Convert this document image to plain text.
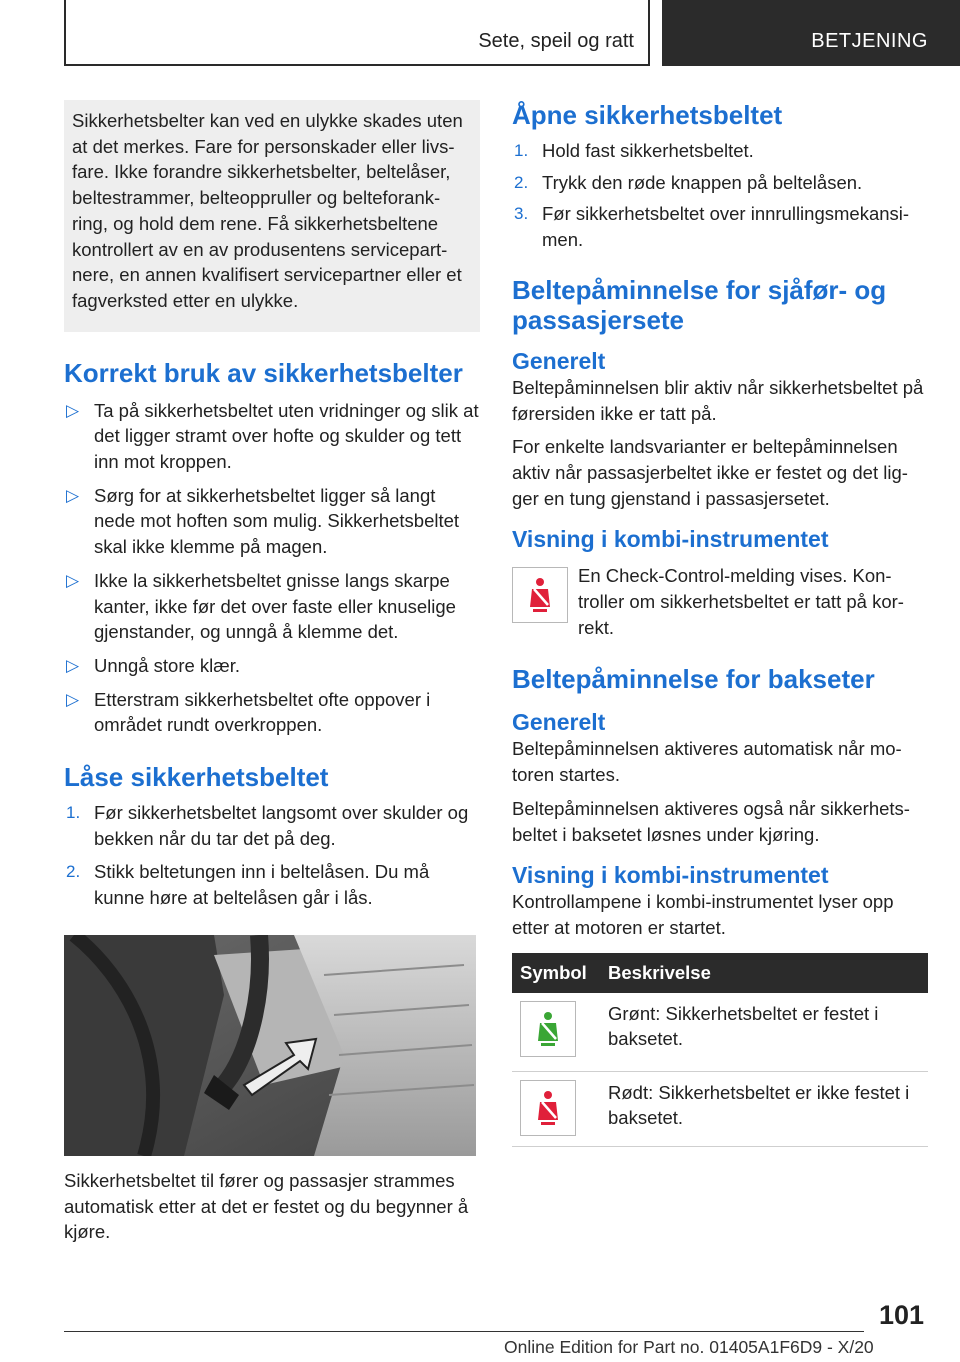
Sete, speil og ratt	BETJENING

Sikkerhetsbelter kan ved en ulykke skades uten at det merkes. Fare for personskader eller livs-fare. Ikke forandre sikkerhetsbelter, beltelåser, beltestrammer, belteoppruller og belteforank-ring, og hold dem rene. Få sikkerhetsbeltene kontrollert av en av produsentens servicepart-nere, en annen kvalifisert servicepartner eller et fagverksted etter en ulykke.

Korrekt bruk av sikkerhetsbelter
▷ Ta på sikkerhetsbeltet uten vridninger og slik at det ligger stramt over hofte og skulder og tett inn mot kroppen.
▷ Sørg for at sikkerhetsbeltet ligger så langt nede mot hoften som mulig. Sikkerhetsbeltet skal ikke klemme på magen.
▷ Ikke la sikkerhetsbeltet gnisse langs skarpe kanter, ikke før det over faste eller knuselige gjenstander, og unngå å klemme det.
▷ Unngå store klær.
▷ Etterstram sikkerhetsbeltet ofte oppover i området rundt overkroppen.
Låse sikkerhetsbeltet
1. Før sikkerhetsbeltet langsomt over skulder og bekken når du tar det på deg.
2. Stikk beltetungen inn i beltelåsen. Du må kunne høre at beltelåsen går i lås.

Sikkerhetsbeltet til fører og passasjer strammes automatisk etter at det er festet og du begynner å kjøre.

Åpne sikkerhetsbeltet
1. Hold fast sikkerhetsbeltet.
2. Trykk den røde knappen på beltelåsen.
3. Før sikkerhetsbeltet over innrullingsmekansi-men.
Beltepåminnelse for sjåfør- og passasjersete
Generelt

Beltepåminnelsen blir aktiv når sikkerhetsbeltet på førersiden ikke er tatt på.

For enkelte landsvarianter er beltepåminnelsen aktiv når passasjerbeltet ikke er festet og det lig-ger en tung gjenstand i passasjersetet.

Visning i kombi-instrumentet

En Check-Control-melding vises. Kon-troller om sikkerhetsbeltet er tatt på kor-rekt.

Beltepåminnelse for bakseter
Generelt

Beltepåminnelsen aktiveres automatisk når mo-toren startes.

Beltepåminnelsen aktiveres også når sikkerhets-beltet i baksetet løsnes under kjøring.

Visning i kombi-instrumentet

Kontrollampene i kombi-instrumentet lyser opp etter at motoren er startet.

Symbol	Beskrivelse

	Grønt: Sikkerhetsbeltet er festet i baksetet.

	Rødt: Sikkerhetsbeltet er ikke festet i baksetet.
101
Online Edition for Part no. 01405A1F6D9 - X/20
